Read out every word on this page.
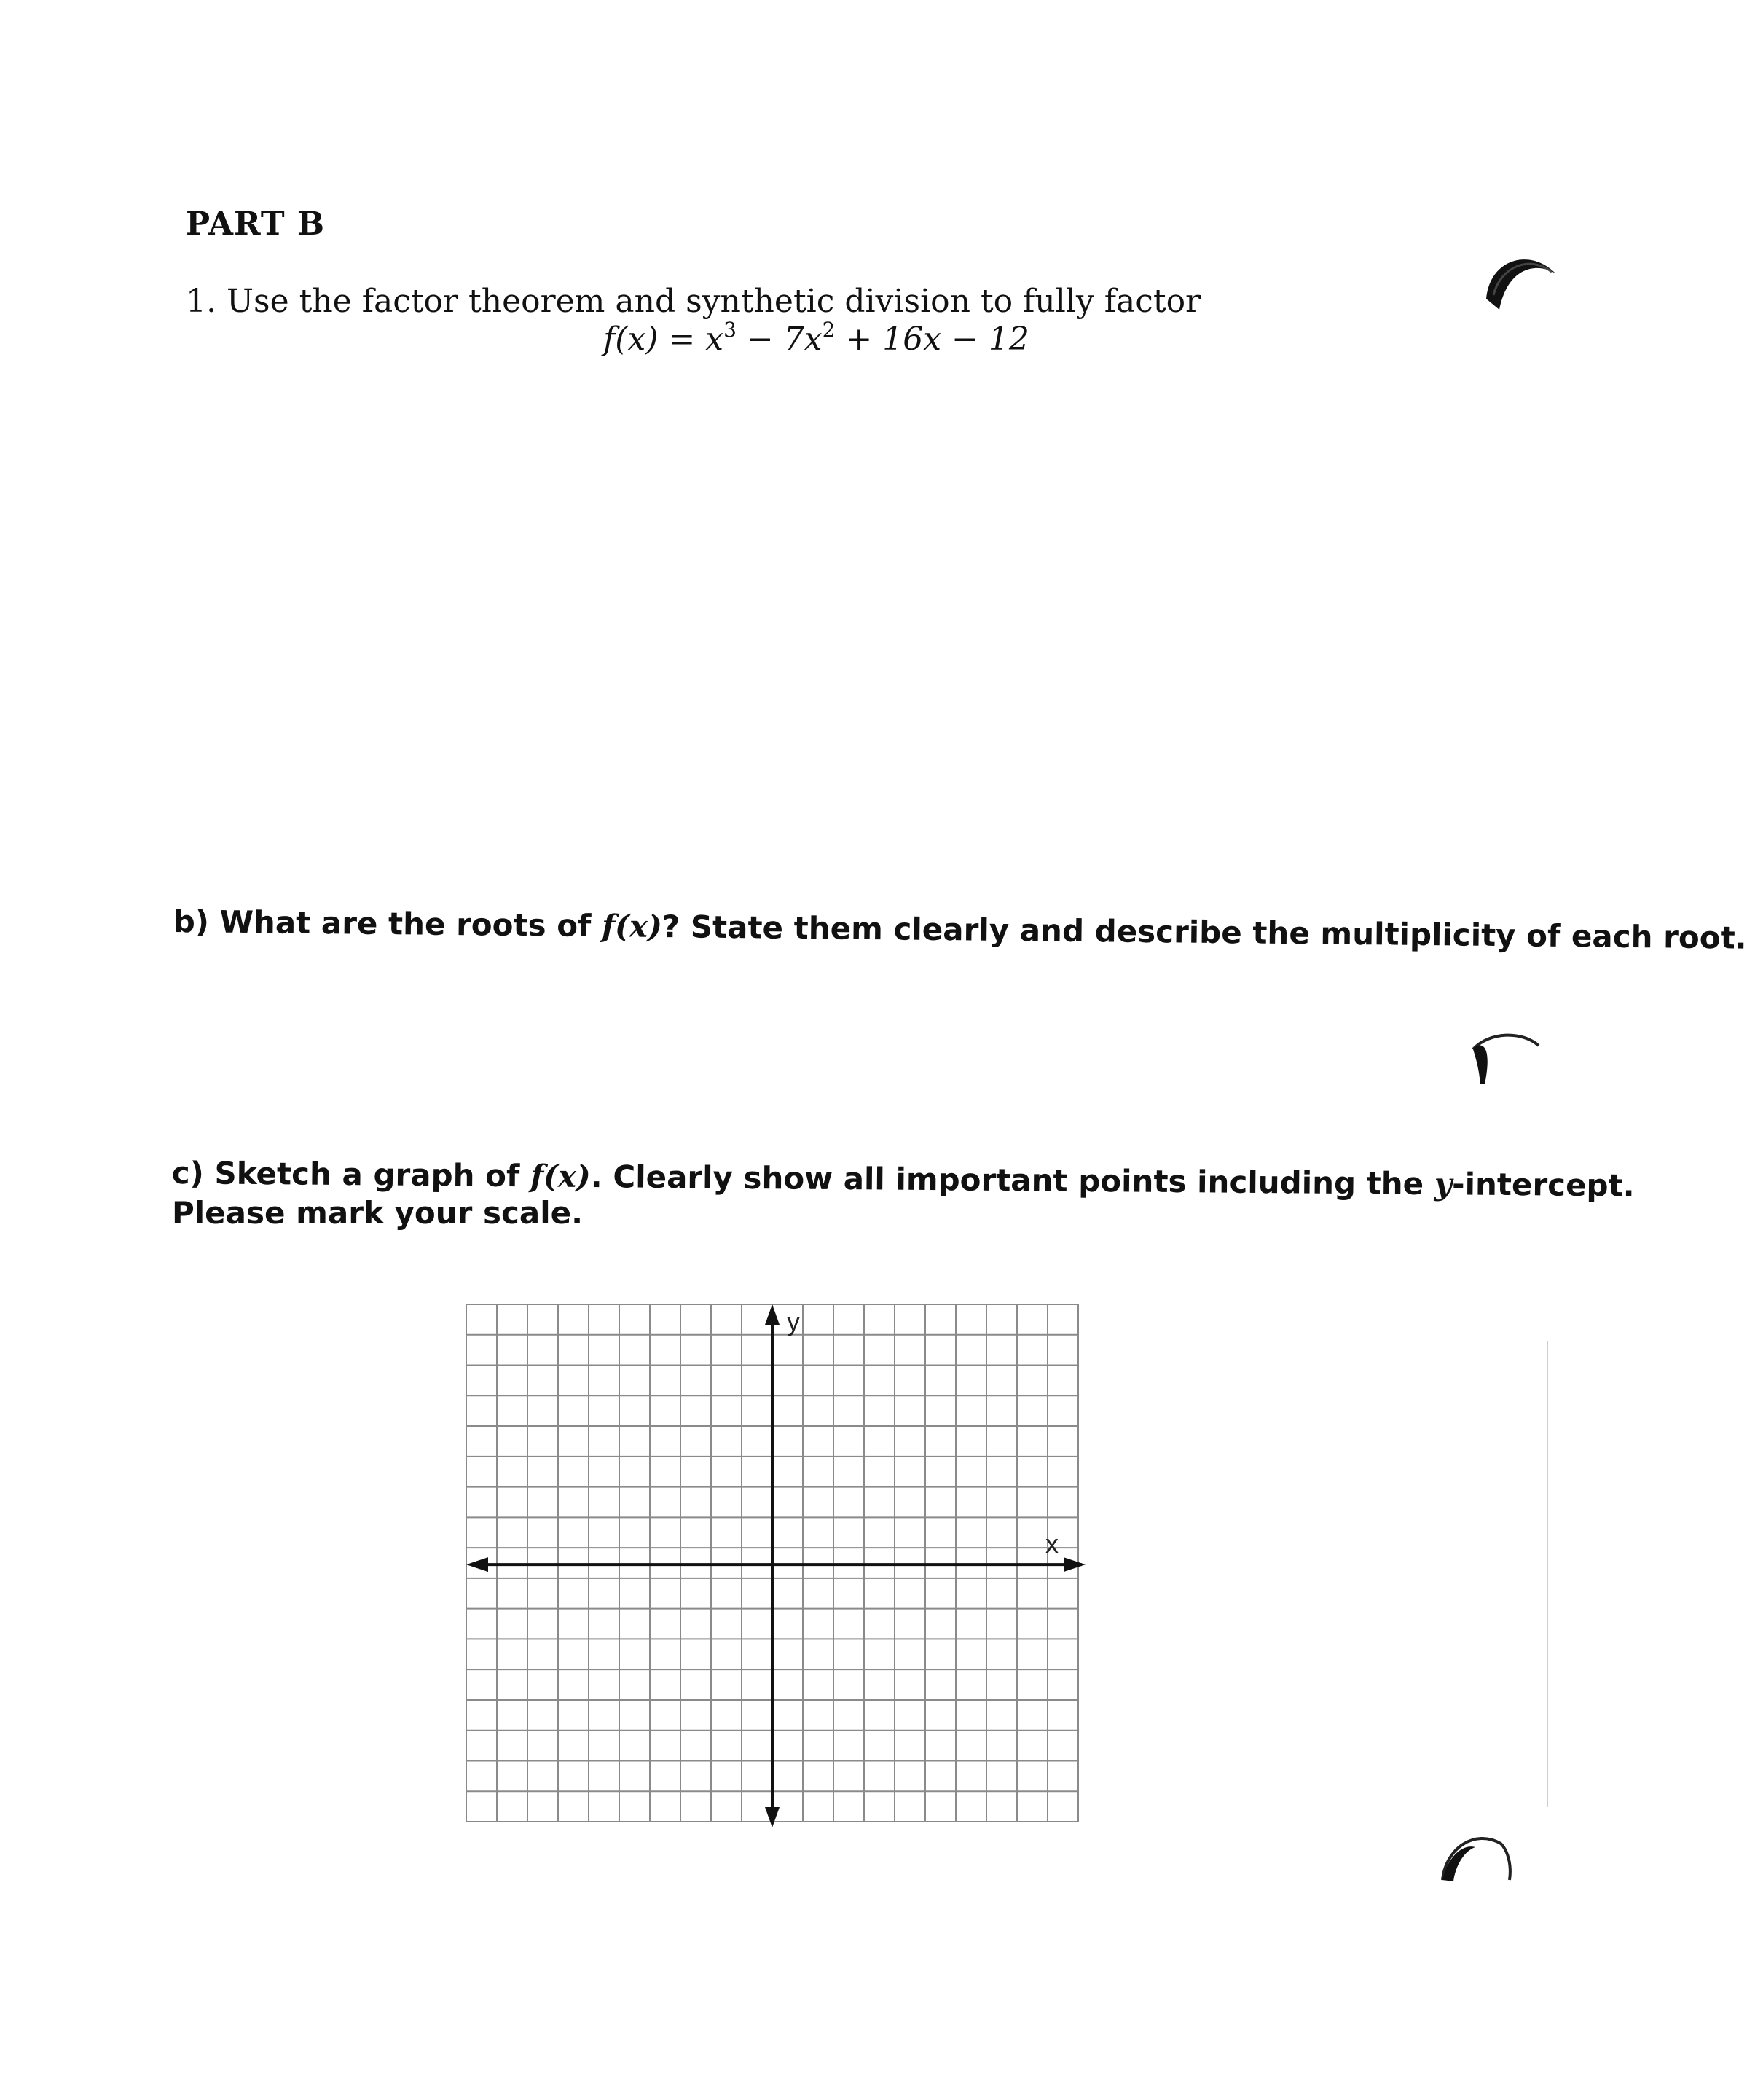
PART B
1. Use the factor theorem and synthetic division to fully factor
$f(x) = x^3 - 7x^2 + 16x - 12$
b) What are the roots of f(x)? State them clearly and describe the multiplicity of each root.
c) Sketch a graph of f(x). Clearly show all important points including the y-intercept.
Please mark your scale.
x
y
